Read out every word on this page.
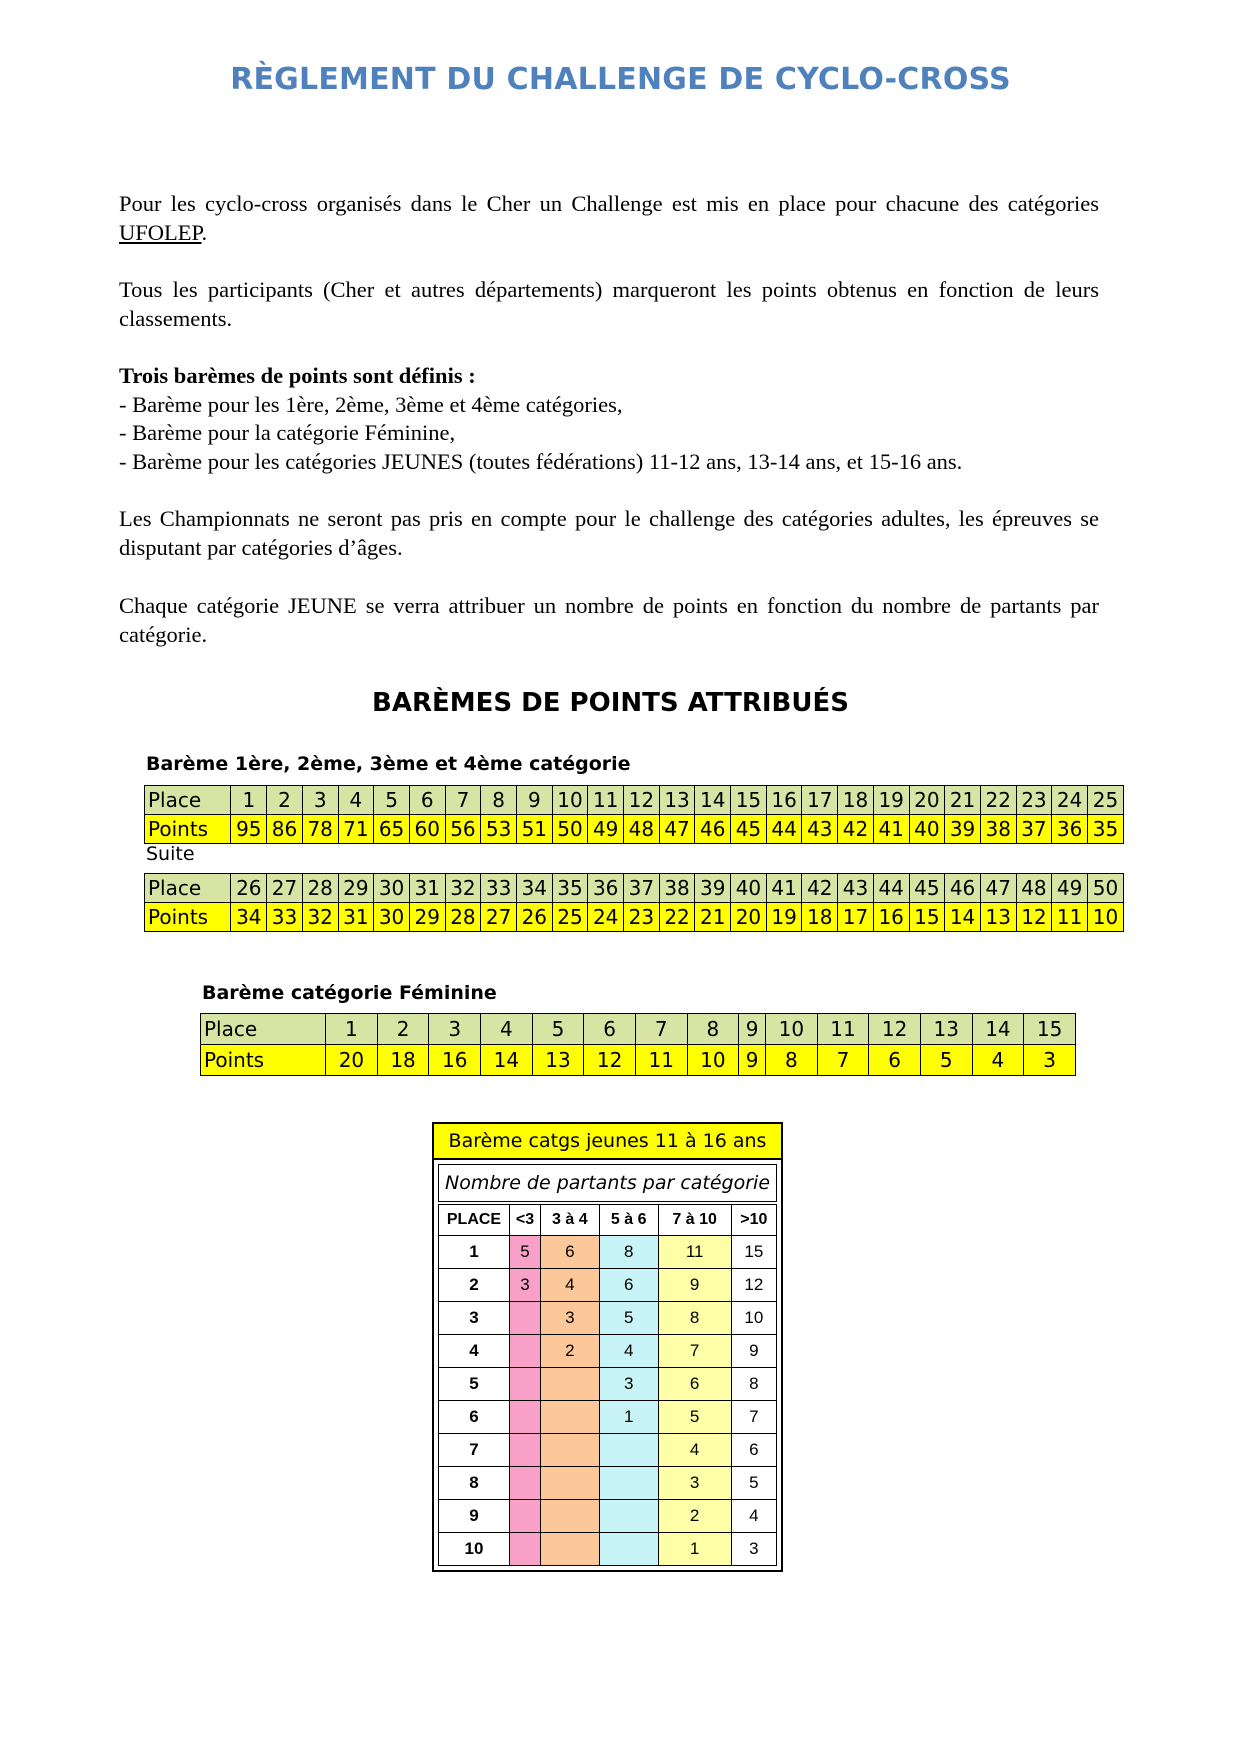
RÈGLEMENT DU CHALLENGE DE CYCLO-CROSS

Pour les cyclo-cross organisés dans le Cher un Challenge est mis en place pour chacune des catégories UFOLEP.

Tous les participants (Cher et autres départements) marqueront les points obtenus en fonction de leurs classements.

Trois barèmes de points sont définis :
- Barème pour les 1ère, 2ème, 3ème et 4ème catégories,
- Barème pour la catégorie Féminine,
- Barème pour les catégories JEUNES (toutes fédérations) 11-12 ans, 13-14 ans, et 15-16 ans.

Les Championnats ne seront pas pris en compte pour le challenge des catégories adultes, les épreuves se disputant par catégories d’âges.

Chaque catégorie JEUNE se verra attribuer un nombre de points en fonction du nombre de partants par catégorie.

BARÈMES DE POINTS ATTRIBUÉS
Barème 1ère, 2ème, 3ème et 4ème catégorie
Place	1	2	3	4	5	6	7	8	9	10	11	12	13	14	15	16	17	18	19	20	21	22	23	24	25
Points	95	86	78	71	65	60	56	53	51	50	49	48	47	46	45	44	43	42	41	40	39	38	37	36	35
Suite
Place	26	27	28	29	30	31	32	33	34	35	36	37	38	39	40	41	42	43	44	45	46	47	48	49	50
Points	34	33	32	31	30	29	28	27	26	25	24	23	22	21	20	19	18	17	16	15	14	13	12	11	10
Barème catégorie Féminine
Place	1	2	3	4	5	6	7	8	9	10	11	12	13	14	15
Points	20	18	16	14	13	12	11	10	9	8	7	6	5	4	3
Barème catgs jeunes 11 à 16 ans
Nombre de partants par catégorie
PLACE	<3	3 à 4	5 à 6	7 à 10	>10
1	5	6	8	11	15
2	3	4	6	9	12
3		3	5	8	10
4		2	4	7	9
5			3	6	8
6			1	5	7
7				4	6
8				3	5
9				2	4
10				1	3
